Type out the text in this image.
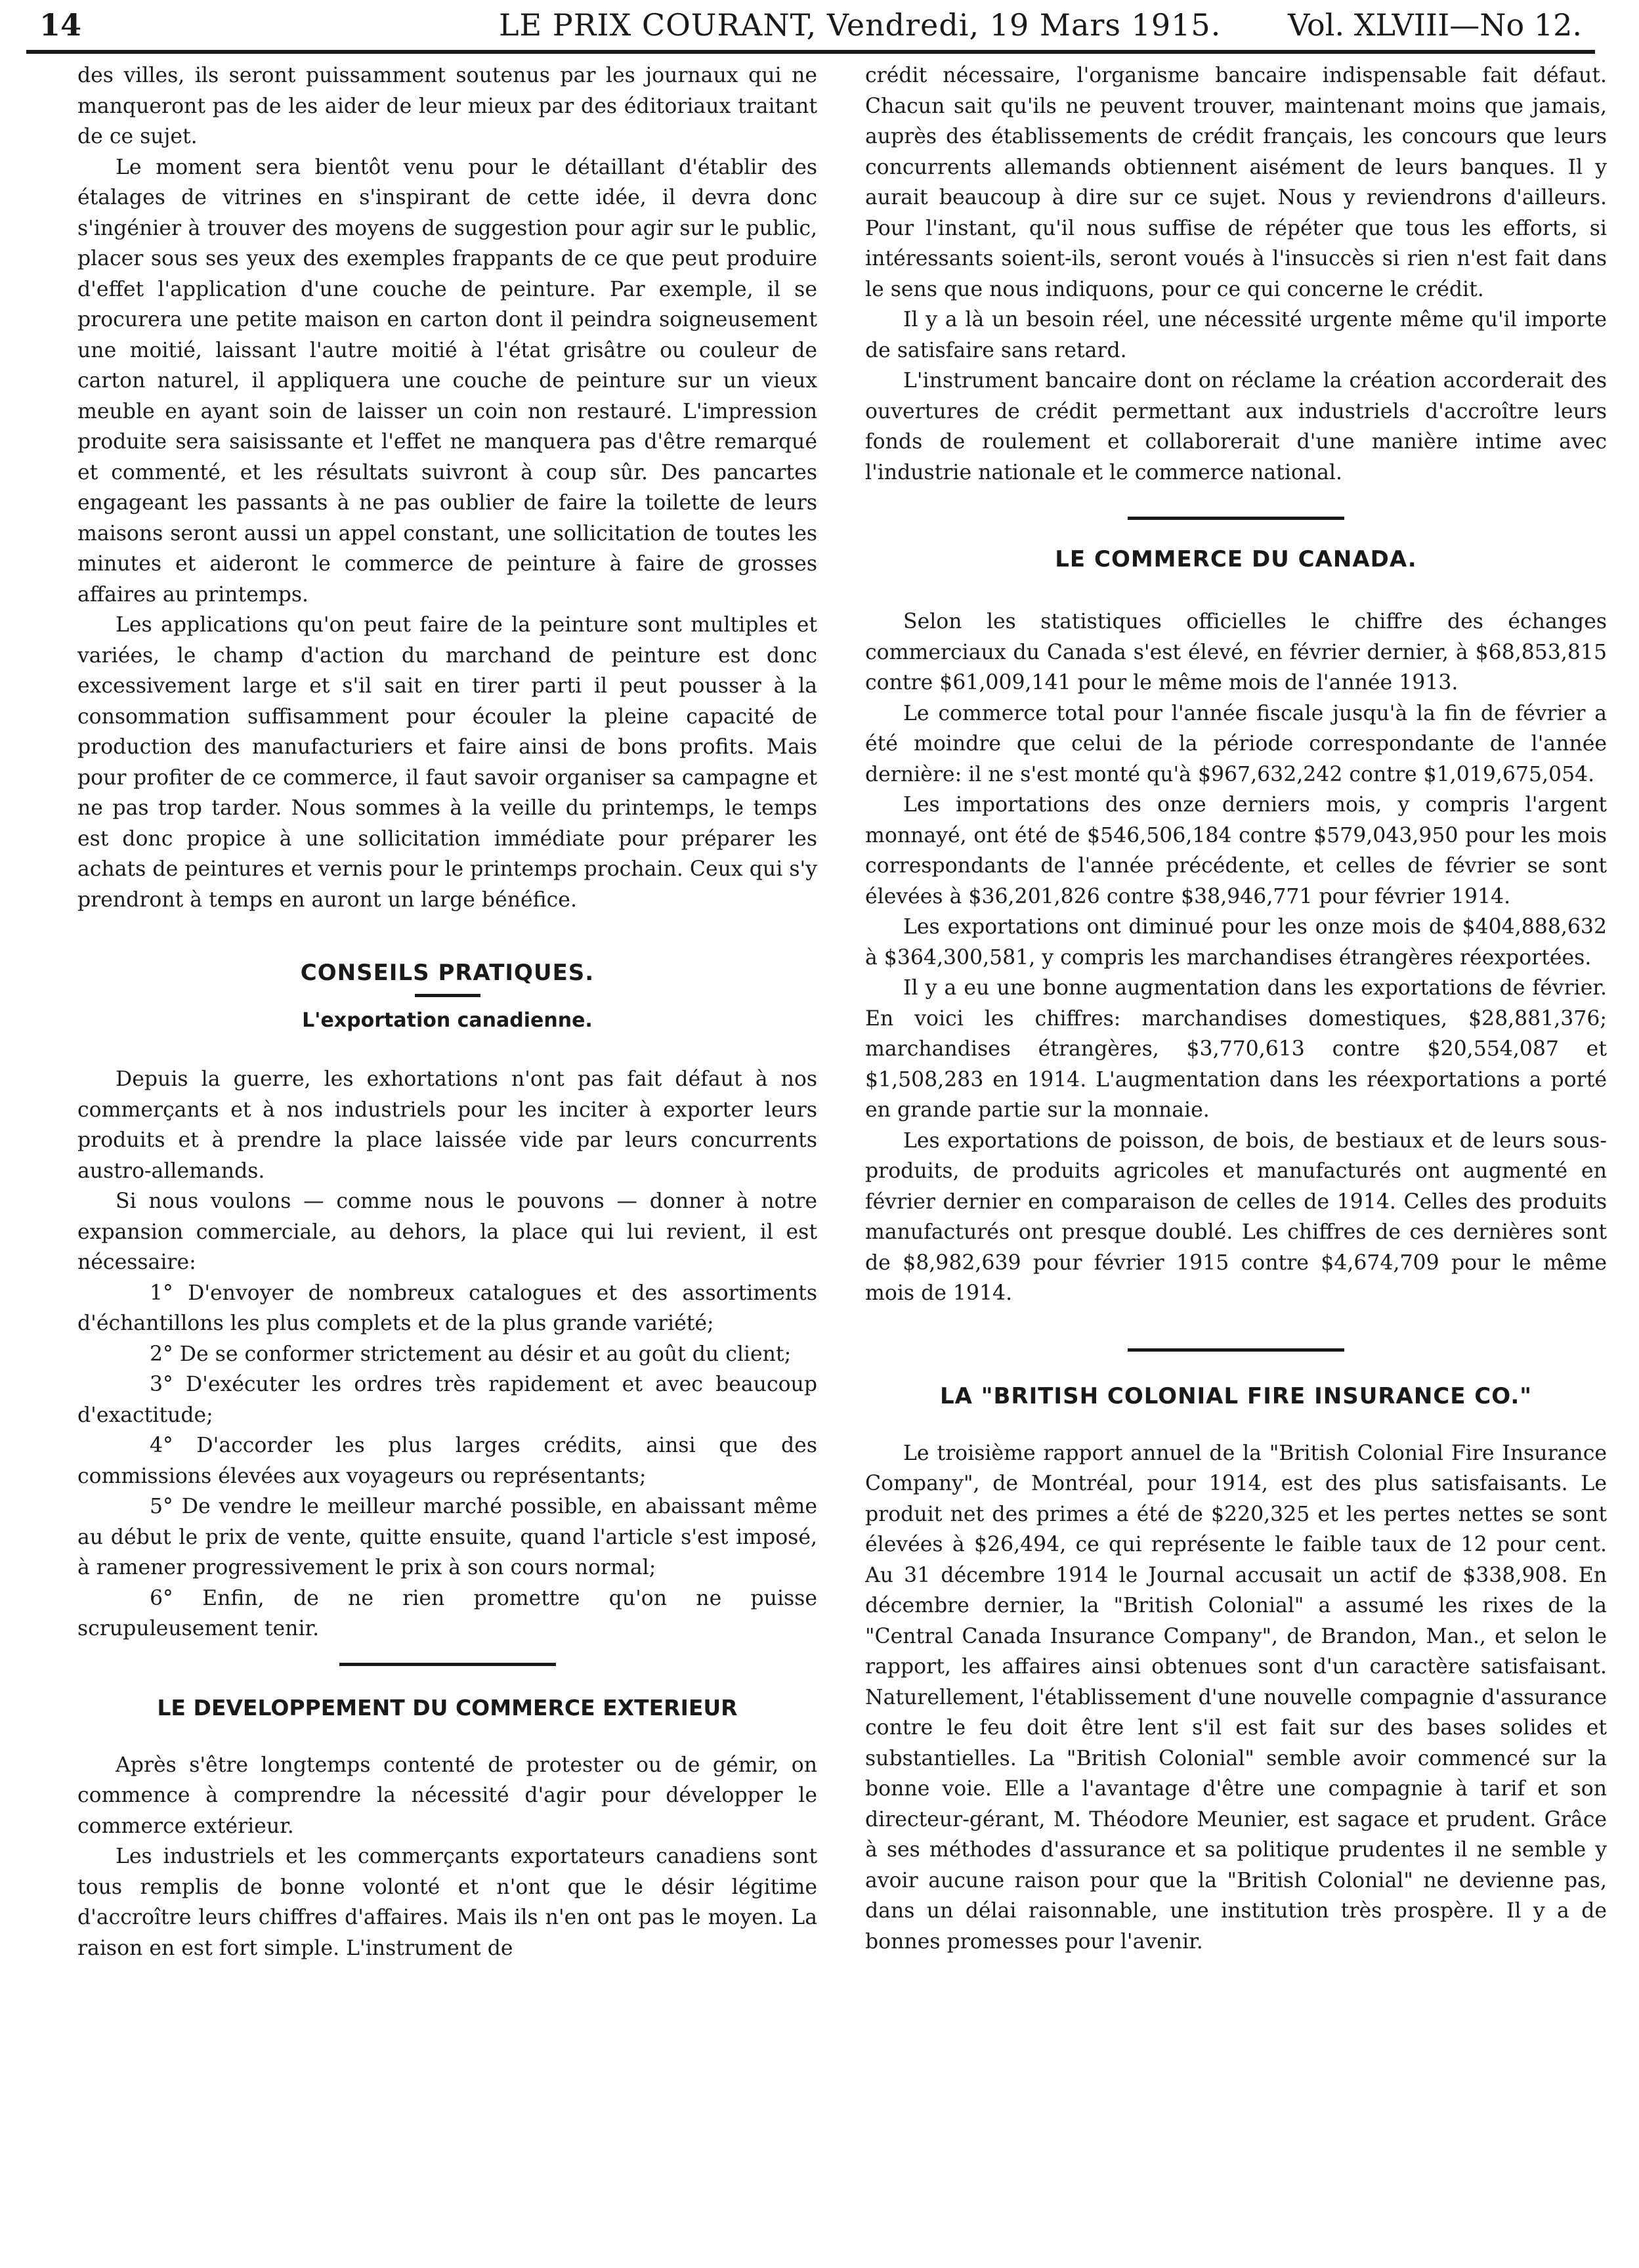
14	LE PRIX COURANT, Vendredi, 19 Mars 1915. Vol. XLVIII—No 12.

des villes, ils seront puissamment soutenus par les journaux qui ne manqueront pas de les aider de leur mieux par des éditoriaux traitant de ce sujet.

Le moment sera bientôt venu pour le détaillant d'établir des étalages de vitrines en s'inspirant de cette idée, il devra donc s'ingénier à trouver des moyens de suggestion pour agir sur le public, placer sous ses yeux des exemples frappants de ce que peut produire d'effet l'application d'une couche de peinture. Par exemple, il se procurera une petite maison en carton dont il peindra soigneusement une moitié, laissant l'autre moitié à l'état grisâtre ou couleur de carton naturel, il appliquera une couche de peinture sur un vieux meuble en ayant soin de laisser un coin non restauré. L'impression produite sera saisissante et l'effet ne manquera pas d'être remarqué et commenté, et les résultats suivront à coup sûr. Des pancartes engageant les passants à ne pas oublier de faire la toilette de leurs maisons seront aussi un appel constant, une sollicitation de toutes les minutes et aideront le commerce de peinture à faire de grosses affaires au printemps.

Les applications qu'on peut faire de la peinture sont multiples et variées, le champ d'action du marchand de peinture est donc excessivement large et s'il sait en tirer parti il peut pousser à la consommation suffisamment pour écouler la pleine capacité de production des manufacturiers et faire ainsi de bons profits. Mais pour profiter de ce commerce, il faut savoir organiser sa campagne et ne pas trop tarder. Nous sommes à la veille du printemps, le temps est donc propice à une sollicitation immédiate pour préparer les achats de peintures et vernis pour le printemps prochain. Ceux qui s'y prendront à temps en auront un large bénéfice.

CONSEILS PRATIQUES.
L'exportation canadienne.

Depuis la guerre, les exhortations n'ont pas fait défaut à nos commerçants et à nos industriels pour les inciter à exporter leurs produits et à prendre la place laissée vide par leurs concurrents austro-allemands.

Si nous voulons — comme nous le pouvons — donner à notre expansion commerciale, au dehors, la place qui lui revient, il est nécessaire:

1° D'envoyer de nombreux catalogues et des assortiments d'échantillons les plus complets et de la plus grande variété;

2° De se conformer strictement au désir et au goût du client;

3° D'exécuter les ordres très rapidement et avec beaucoup d'exactitude;

4° D'accorder les plus larges crédits, ainsi que des commissions élevées aux voyageurs ou représentants;

5° De vendre le meilleur marché possible, en abaissant même au début le prix de vente, quitte ensuite, quand l'article s'est imposé, à ramener progressivement le prix à son cours normal;

6° Enfin, de ne rien promettre qu'on ne puisse scrupuleusement tenir.

LE DEVELOPPEMENT DU COMMERCE EXTERIEUR

Après s'être longtemps contenté de protester ou de gémir, on commence à comprendre la nécessité d'agir pour développer le commerce extérieur.

Les industriels et les commerçants exportateurs canadiens sont tous remplis de bonne volonté et n'ont que le désir légitime d'accroître leurs chiffres d'affaires. Mais ils n'en ont pas le moyen. La raison en est fort simple. L'instrument de

crédit nécessaire, l'organisme bancaire indispensable fait défaut. Chacun sait qu'ils ne peuvent trouver, maintenant moins que jamais, auprès des établissements de crédit français, les concours que leurs concurrents allemands obtiennent aisément de leurs banques. Il y aurait beaucoup à dire sur ce sujet. Nous y reviendrons d'ailleurs. Pour l'instant, qu'il nous suffise de répéter que tous les efforts, si intéressants soient-ils, seront voués à l'insuccès si rien n'est fait dans le sens que nous indiquons, pour ce qui concerne le crédit.

Il y a là un besoin réel, une nécessité urgente même qu'il importe de satisfaire sans retard.

L'instrument bancaire dont on réclame la création accorderait des ouvertures de crédit permettant aux industriels d'accroître leurs fonds de roulement et collaborerait d'une manière intime avec l'industrie nationale et le commerce national.

LE COMMERCE DU CANADA.

Selon les statistiques officielles le chiffre des échanges commerciaux du Canada s'est élevé, en février dernier, à $68,853,815 contre $61,009,141 pour le même mois de l'année 1913.

Le commerce total pour l'année fiscale jusqu'à la fin de février a été moindre que celui de la période correspondante de l'année dernière: il ne s'est monté qu'à $967,632,242 contre $1,019,675,054.

Les importations des onze derniers mois, y compris l'argent monnayé, ont été de $546,506,184 contre $579,043,950 pour les mois correspondants de l'année précédente, et celles de février se sont élevées à $36,201,826 contre $38,946,771 pour février 1914.

Les exportations ont diminué pour les onze mois de $404,888,632 à $364,300,581, y compris les marchandises étrangères réexportées.

Il y a eu une bonne augmentation dans les exportations de février. En voici les chiffres: marchandises domestiques, $28,881,376; marchandises étrangères, $3,770,613 contre $20,554,087 et $1,508,283 en 1914. L'augmentation dans les réexportations a porté en grande partie sur la monnaie.

Les exportations de poisson, de bois, de bestiaux et de leurs sous-produits, de produits agricoles et manufacturés ont augmenté en février dernier en comparaison de celles de 1914. Celles des produits manufacturés ont presque doublé. Les chiffres de ces dernières sont de $8,982,639 pour février 1915 contre $4,674,709 pour le même mois de 1914.

LA "BRITISH COLONIAL FIRE INSURANCE CO."

Le troisième rapport annuel de la "British Colonial Fire Insurance Company", de Montréal, pour 1914, est des plus satisfaisants. Le produit net des primes a été de $220,325 et les pertes nettes se sont élevées à $26,494, ce qui représente le faible taux de 12 pour cent. Au 31 décembre 1914 le Journal accusait un actif de $338,908. En décembre dernier, la "British Colonial" a assumé les rixes de la "Central Canada Insurance Company", de Brandon, Man., et selon le rapport, les affaires ainsi obtenues sont d'un caractère satisfaisant. Naturellement, l'établissement d'une nouvelle compagnie d'assurance contre le feu doit être lent s'il est fait sur des bases solides et substantielles. La "British Colonial" semble avoir commencé sur la bonne voie. Elle a l'avantage d'être une compagnie à tarif et son directeur-gérant, M. Théodore Meunier, est sagace et prudent. Grâce à ses méthodes d'assurance et sa politique prudentes il ne semble y avoir aucune raison pour que la "British Colonial" ne devienne pas, dans un délai raisonnable, une institution très prospère. Il y a de bonnes promesses pour l'avenir.
